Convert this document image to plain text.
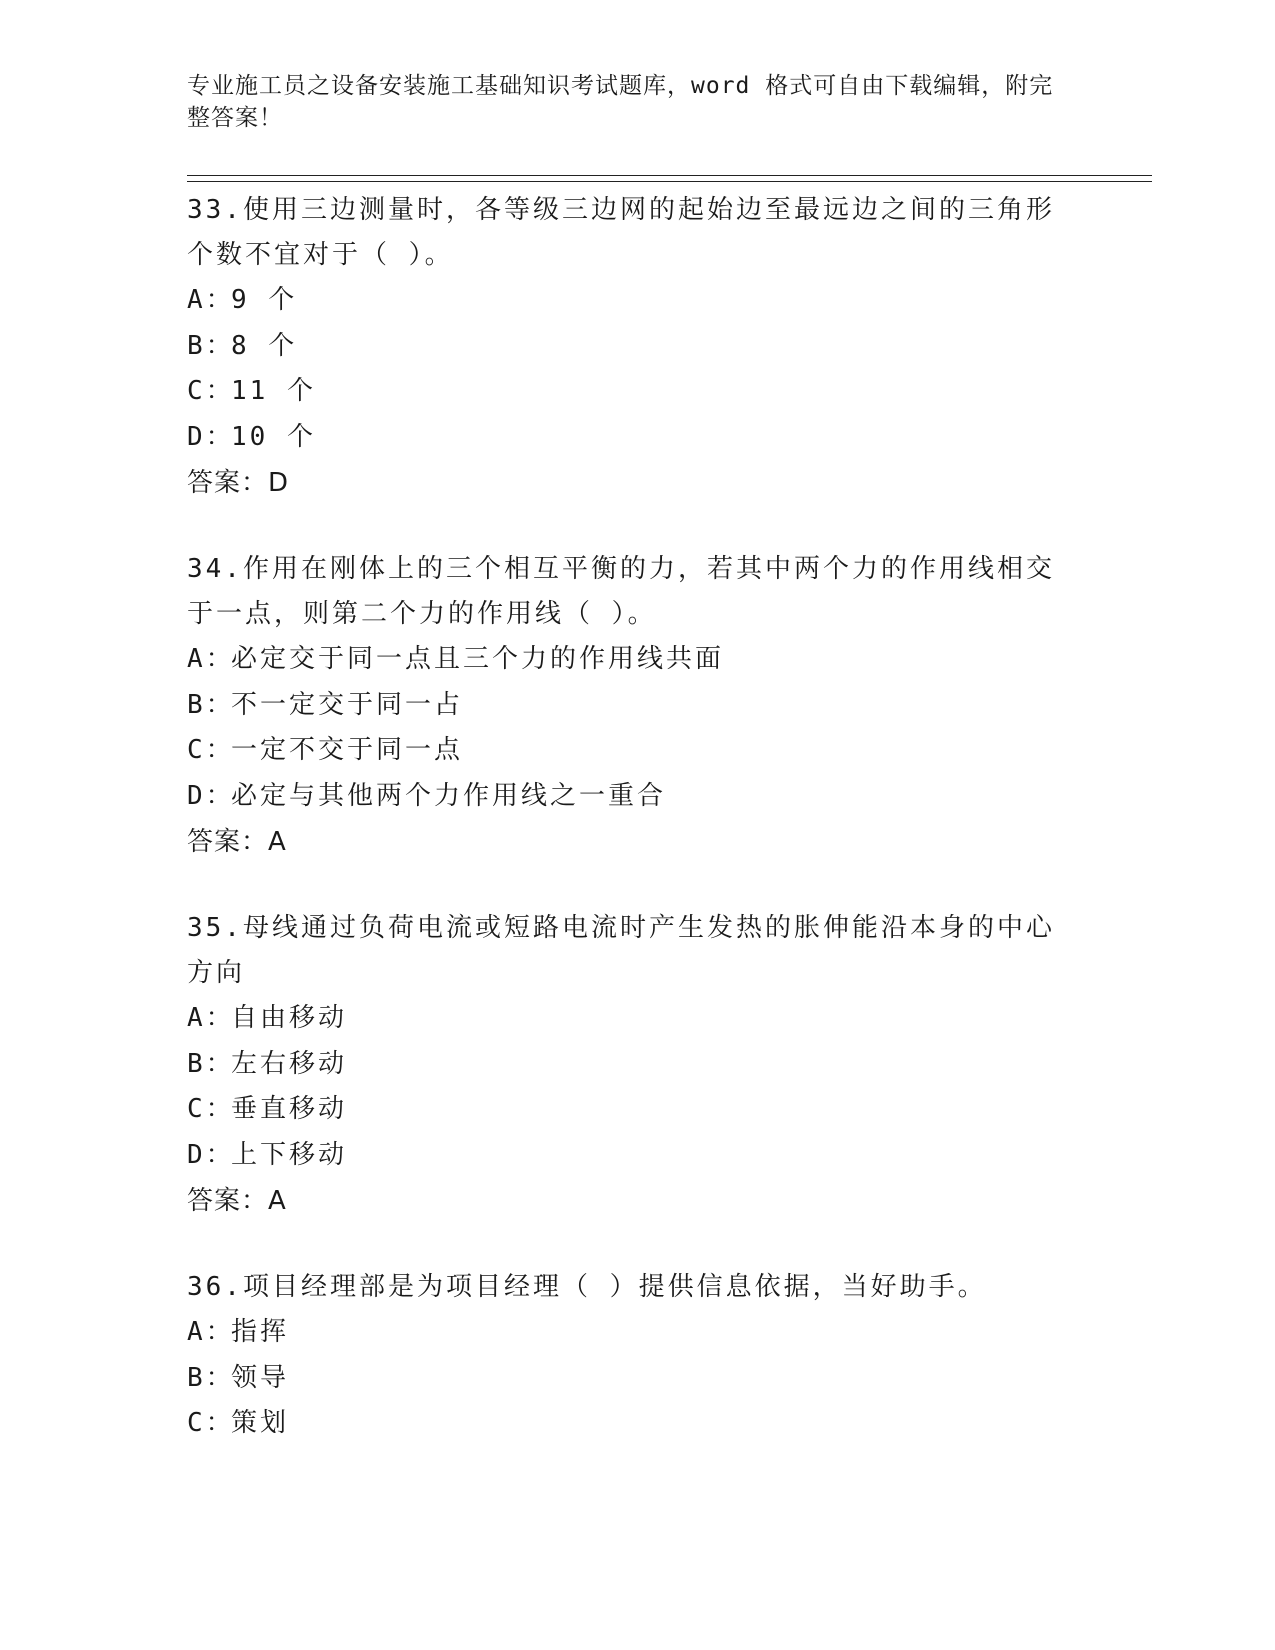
专业施工员之设备安装施工基础知识考试题库，word 格式可自由下载编辑，附完整答案！

33.使用三边测量时，各等级三边网的起始边至最远边之间的三角形个数不宜对于（ ）。

A：9 个
B：8 个
C：11 个
D：10 个
答案：D

34.作用在刚体上的三个相互平衡的力，若其中两个力的作用线相交于一点，则第二个力的作用线（ ）。

A：必定交于同一点且三个力的作用线共面
B：不一定交于同一占
C：一定不交于同一点
D：必定与其他两个力作用线之一重合
答案：A

35.母线通过负荷电流或短路电流时产生发热的胀伸能沿本身的中心方向

A：自由移动
B：左右移动
C：垂直移动
D：上下移动
答案：A

36.项目经理部是为项目经理（ ）提供信息依据，当好助手。

A：指挥
B：领导
C：策划
